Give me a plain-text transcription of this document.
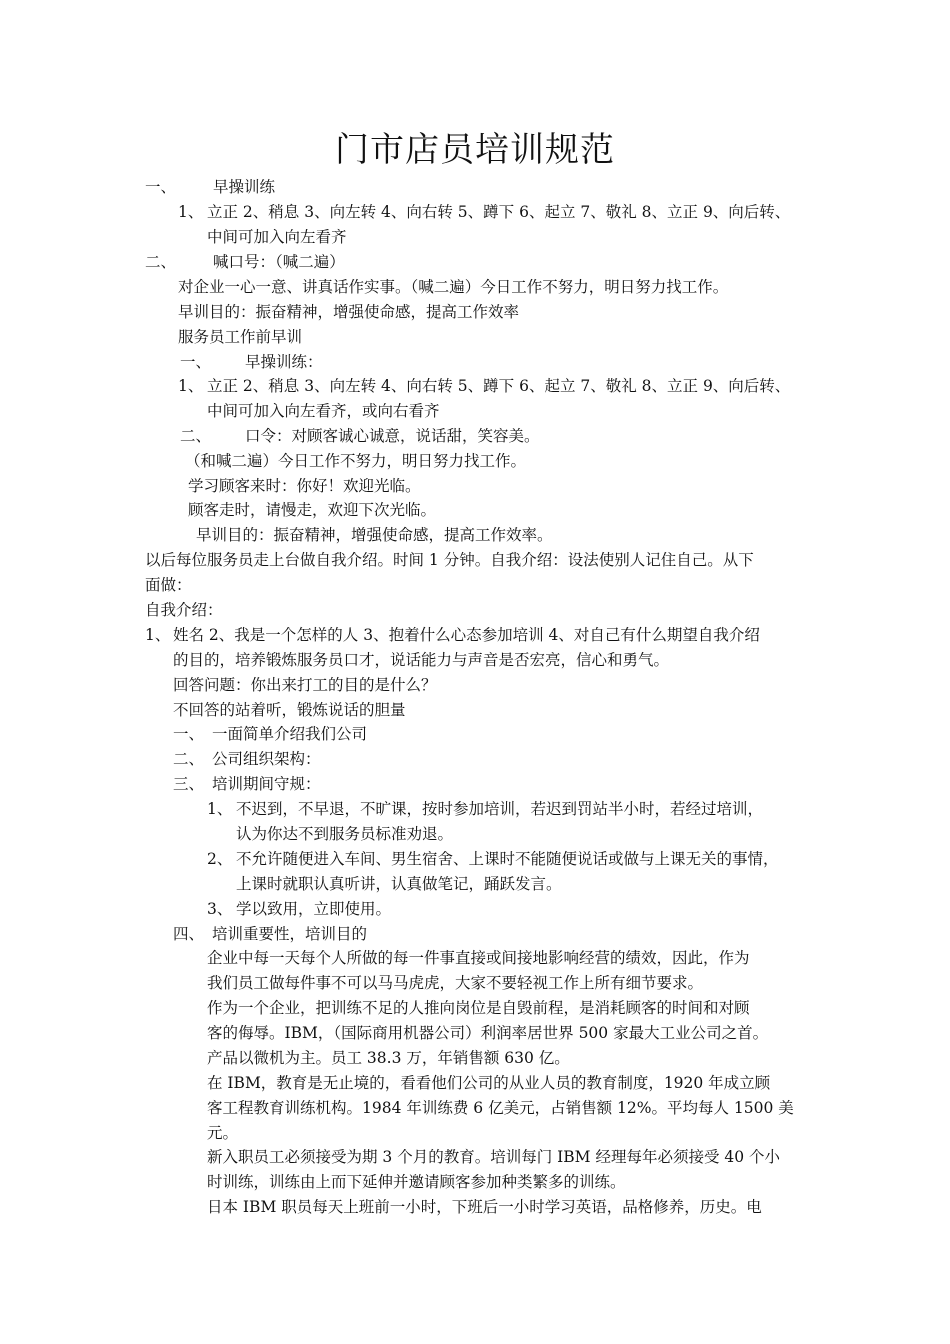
门市店员培训规范
一、 早操训练
1、 立正 2、稍息 3、向左转 4、向右转 5、蹲下 6、起立 7、敬礼 8、立正 9、向后转、
中间可加入向左看齐
二、 喊口号：（喊二遍）
对企业一心一意、讲真话作实事。（喊二遍）今日工作不努力，明日努力找工作。
早训目的：振奋精神，增强使命感，提高工作效率
服务员工作前早训
一、 早操训练：
1、 立正 2、稍息 3、向左转 4、向右转 5、蹲下 6、起立 7、敬礼 8、立正 9、向后转、
中间可加入向左看齐，或向右看齐
二、 口令：对顾客诚心诚意，说话甜，笑容美。
（和喊二遍）今日工作不努力，明日努力找工作。
学习顾客来时：你好！欢迎光临。
顾客走时，请慢走，欢迎下次光临。
早训目的：振奋精神，增强使命感，提高工作效率。
以后每位服务员走上台做自我介绍。时间 1 分钟。自我介绍：设法使别人记住自己。从下
面做：
自我介绍：
1、 姓名 2、我是一个怎样的人 3、抱着什么心态参加培训 4、对自己有什么期望自我介绍
的目的，培养锻炼服务员口才，说话能力与声音是否宏亮，信心和勇气。
回答问题：你出来打工的目的是什么？
不回答的站着听，锻炼说话的胆量
一、 一面简单介绍我们公司
二、 公司组织架构：
三、 培训期间守规：
1、 不迟到，不早退，不旷课，按时参加培训，若迟到罚站半小时，若经过培训，
认为你达不到服务员标准劝退。
2、 不允许随便进入车间、男生宿舍、上课时不能随便说话或做与上课无关的事情，
上课时就职认真听讲，认真做笔记，踊跃发言。
3、 学以致用，立即使用。
四、 培训重要性，培训目的
企业中每一天每个人所做的每一件事直接或间接地影响经营的绩效，因此，作为
我们员工做每件事不可以马马虎虎，大家不要轻视工作上所有细节要求。
作为一个企业，把训练不足的人推向岗位是自毁前程，是消耗顾客的时间和对顾
客的侮辱。IBM，（国际商用机器公司）利润率居世界 500 家最大工业公司之首。
产品以微机为主。员工 38.3 万，年销售额 630 亿。
在 IBM，教育是无止境的，看看他们公司的从业人员的教育制度，1920 年成立顾
客工程教育训练机构。1984 年训练费 6 亿美元，占销售额 12%。平均每人 1500 美
元。
新入职员工必须接受为期 3 个月的教育。培训每门 IBM 经理每年必须接受 40 个小
时训练，训练由上而下延伸并邀请顾客参加种类繁多的训练。
日本 IBM 职员每天上班前一小时，下班后一小时学习英语，品格修养，历史。电
